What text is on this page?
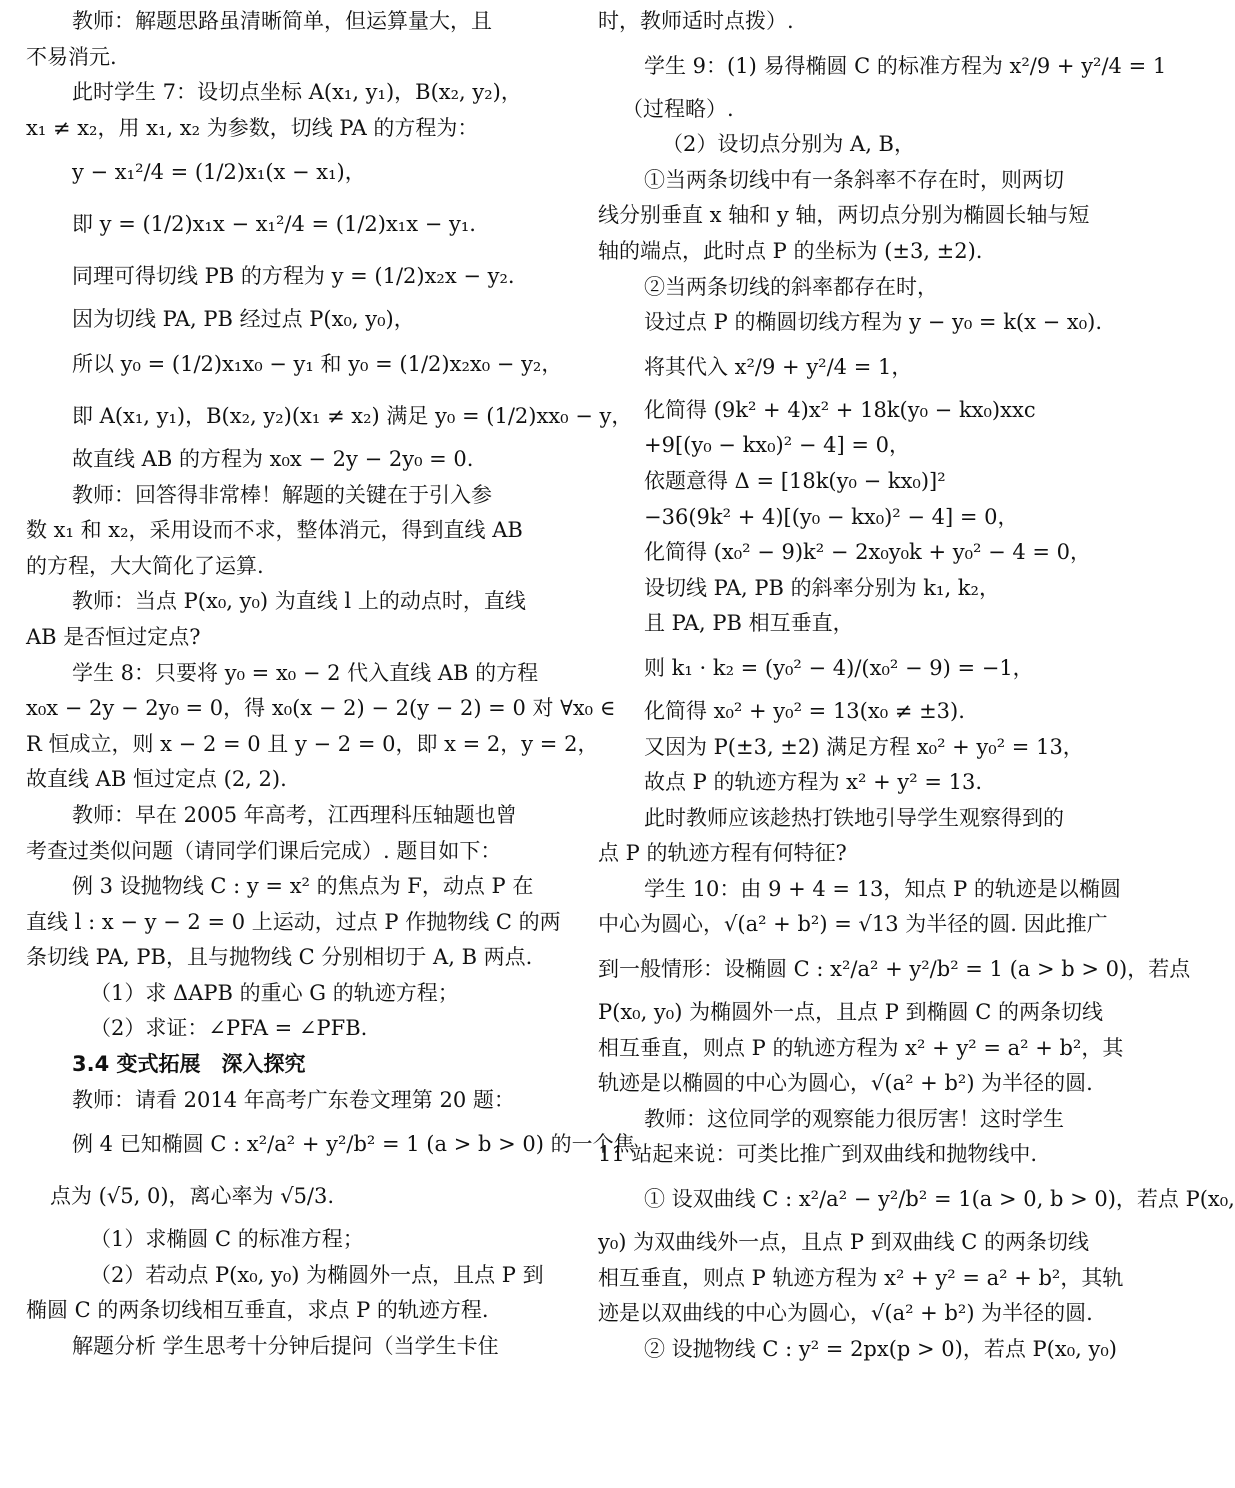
教师：解题思路虽清晰简单，但运算量大，且
不易消元.
此时学生 7：设切点坐标 A(x₁, y₁)，B(x₂, y₂)，
x₁ ≠ x₂，用 x₁, x₂ 为参数，切线 PA 的方程为：
y − x₁²/4 = (1/2)x₁(x − x₁)，
即 y = (1/2)x₁x − x₁²/4 = (1/2)x₁x − y₁.
同理可得切线 PB 的方程为 y = (1/2)x₂x − y₂.
因为切线 PA, PB 经过点 P(x₀, y₀)，
所以 y₀ = (1/2)x₁x₀ − y₁ 和 y₀ = (1/2)x₂x₀ − y₂，
即 A(x₁, y₁)，B(x₂, y₂)(x₁ ≠ x₂) 满足 y₀ = (1/2)xx₀ − y，
故直线 AB 的方程为 x₀x − 2y − 2y₀ = 0.
教师：回答得非常棒！解题的关键在于引入参
数 x₁ 和 x₂，采用设而不求，整体消元，得到直线 AB
的方程，大大简化了运算.
教师：当点 P(x₀, y₀) 为直线 l 上的动点时，直线
AB 是否恒过定点?
学生 8：只要将 y₀ = x₀ − 2 代入直线 AB 的方程
x₀x − 2y − 2y₀ = 0，得 x₀(x − 2) − 2(y − 2) = 0 对 ∀x₀ ∈
R 恒成立，则 x − 2 = 0 且 y − 2 = 0，即 x = 2，y = 2，
故直线 AB 恒过定点 (2, 2).
教师：早在 2005 年高考，江西理科压轴题也曾
考查过类似问题（请同学们课后完成）. 题目如下：
例 3 设抛物线 C : y = x² 的焦点为 F，动点 P 在
直线 l : x − y − 2 = 0 上运动，过点 P 作抛物线 C 的两
条切线 PA, PB，且与抛物线 C 分别相切于 A, B 两点.
（1）求 ΔAPB 的重心 G 的轨迹方程；
（2）求证：∠PFA = ∠PFB.
3.4 变式拓展　深入探究
教师：请看 2014 年高考广东卷文理第 20 题：
例 4 已知椭圆 C : x²/a² + y²/b² = 1 (a > b > 0) 的一个焦
点为 (√5, 0)，离心率为 √5/3.
（1）求椭圆 C 的标准方程；
（2）若动点 P(x₀, y₀) 为椭圆外一点，且点 P 到
椭圆 C 的两条切线相互垂直，求点 P 的轨迹方程.
解题分析 学生思考十分钟后提问（当学生卡住
时，教师适时点拨）.
学生 9：(1) 易得椭圆 C 的标准方程为 x²/9 + y²/4 = 1
（过程略）.
（2）设切点分别为 A, B，
①当两条切线中有一条斜率不存在时，则两切
线分别垂直 x 轴和 y 轴，两切点分别为椭圆长轴与短
轴的端点，此时点 P 的坐标为 (±3, ±2).
②当两条切线的斜率都存在时，
设过点 P 的椭圆切线方程为 y − y₀ = k(x − x₀).
将其代入 x²/9 + y²/4 = 1，
化简得 (9k² + 4)x² + 18k(y₀ − kx₀)xxc
+9[(y₀ − kx₀)² − 4] = 0，
依题意得 Δ = [18k(y₀ − kx₀)]²
−36(9k² + 4)[(y₀ − kx₀)² − 4] = 0，
化简得 (x₀² − 9)k² − 2x₀y₀k + y₀² − 4 = 0，
设切线 PA, PB 的斜率分别为 k₁, k₂，
且 PA, PB 相互垂直，
则 k₁ · k₂ = (y₀² − 4)/(x₀² − 9) = −1，
化简得 x₀² + y₀² = 13(x₀ ≠ ±3).
又因为 P(±3, ±2) 满足方程 x₀² + y₀² = 13，
故点 P 的轨迹方程为 x² + y² = 13.
此时教师应该趁热打铁地引导学生观察得到的
点 P 的轨迹方程有何特征?
学生 10：由 9 + 4 = 13，知点 P 的轨迹是以椭圆
中心为圆心，√(a² + b²) = √13 为半径的圆. 因此推广
到一般情形：设椭圆 C : x²/a² + y²/b² = 1 (a > b > 0)，若点
P(x₀, y₀) 为椭圆外一点，且点 P 到椭圆 C 的两条切线
相互垂直，则点 P 的轨迹方程为 x² + y² = a² + b²，其
轨迹是以椭圆的中心为圆心，√(a² + b²) 为半径的圆.
教师：这位同学的观察能力很厉害！这时学生
11 站起来说：可类比推广到双曲线和抛物线中.
① 设双曲线 C : x²/a² − y²/b² = 1(a > 0, b > 0)，若点 P(x₀,
y₀) 为双曲线外一点，且点 P 到双曲线 C 的两条切线
相互垂直，则点 P 轨迹方程为 x² + y² = a² + b²，其轨
迹是以双曲线的中心为圆心，√(a² + b²) 为半径的圆.
② 设抛物线 C : y² = 2px(p > 0)，若点 P(x₀, y₀)
